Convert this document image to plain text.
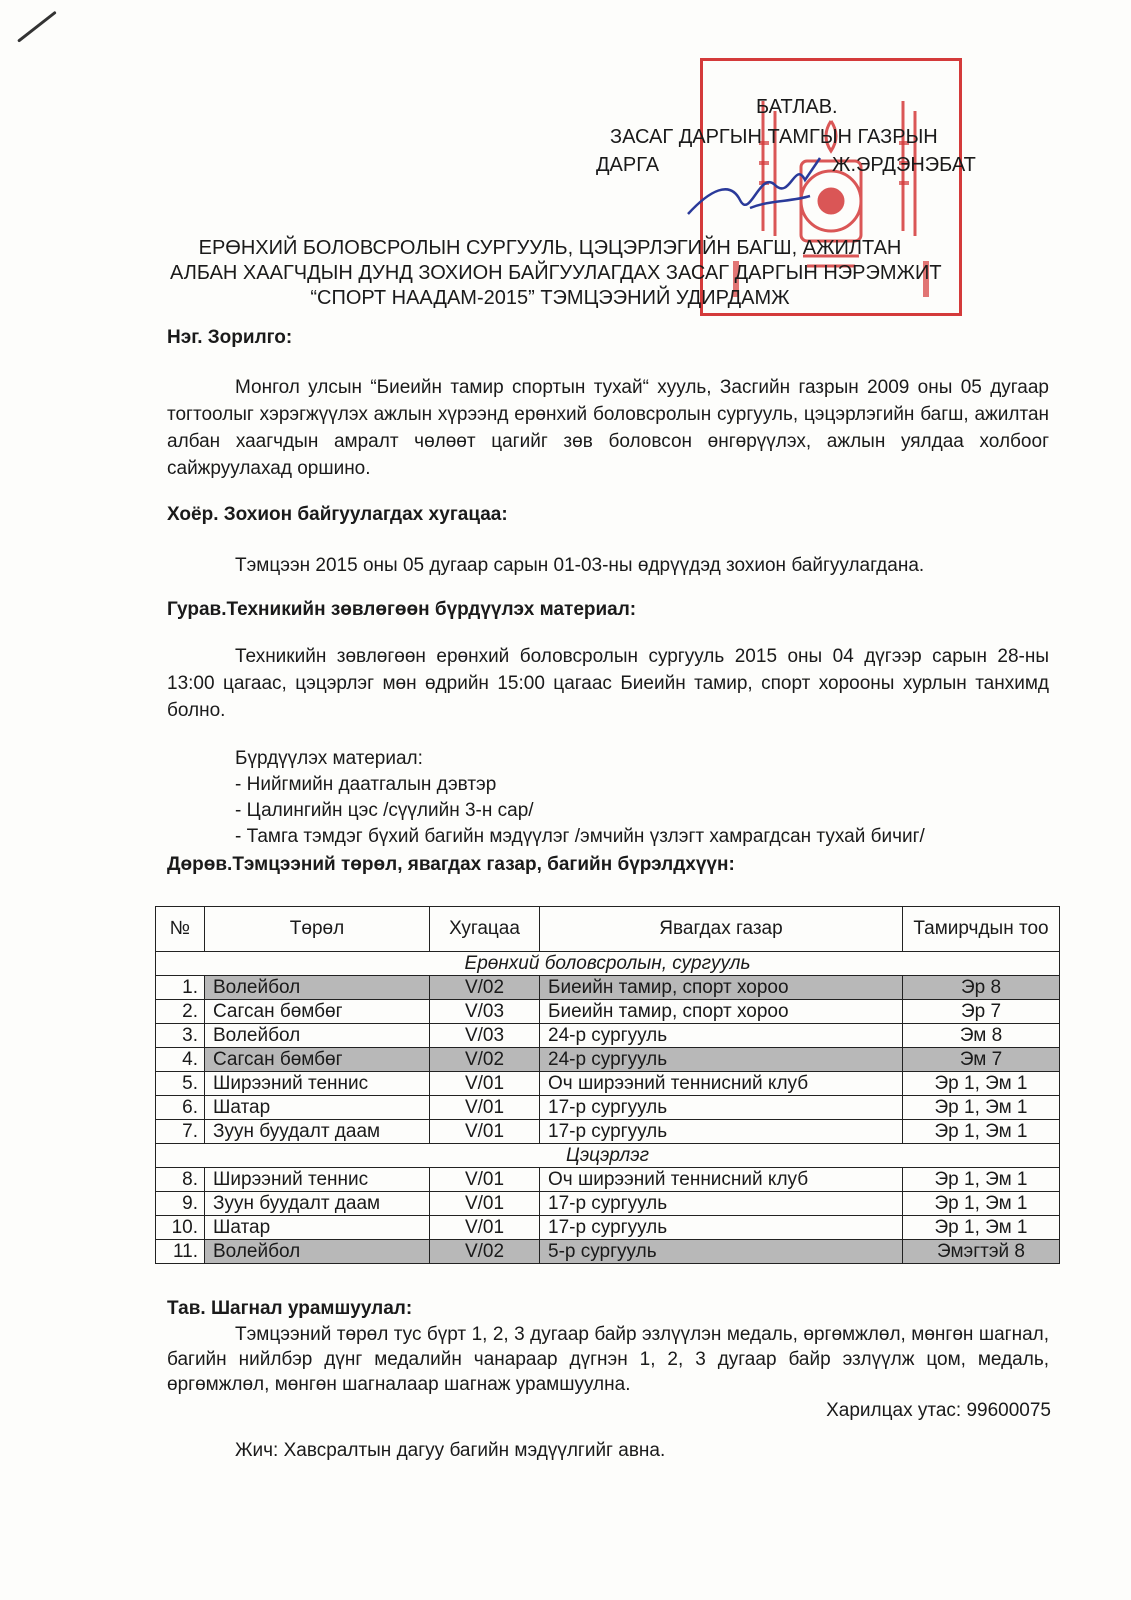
БАТЛАВ.
ЗАСАГ ДАРГЫН ТАМГЫН ГАЗРЫН
ДАРГА	Ж.ЭРДЭНЭБАТ
ЕРӨНХИЙ БОЛОВСРОЛЫН СУРГУУЛЬ, ЦЭЦЭРЛЭГИЙН БАГШ, АЖИЛТАН
АЛБАН ХААГЧДЫН ДУНД ЗОХИОН БАЙГУУЛАГДАХ ЗАСАГ ДАРГЫН НЭРЭМЖИТ
“СПОРТ НААДАМ-2015” ТЭМЦЭЭНИЙ УДИРДАМЖ
Нэг. Зорилго:
Монгол улсын “Биеийн тамир спортын тухай“ хууль, Засгийн газрын 2009 оны 05 дугаар тогтоолыг хэрэгжүүлэх ажлын хүрээнд ерөнхий боловсролын сургууль, цэцэрлэгийн багш, ажилтан албан хаагчдын амралт чөлөөт цагийг зөв боловсон өнгөрүүлэх, ажлын уялдаа холбоог сайжруулахад оршино.
Хоёр. Зохион байгуулагдах хугацаа:
Тэмцээн 2015 оны 05 дугаар сарын 01-03-ны өдрүүдэд зохион байгуулагдана.
Гурав.Техникийн зөвлөгөөн бүрдүүлэх материал:
Техникийн зөвлөгөөн ерөнхий боловсролын сургууль 2015 оны 04 дүгээр сарын 28-ны 13:00 цагаас, цэцэрлэг мөн өдрийн 15:00 цагаас Биеийн тамир, спорт хорооны хурлын танхимд болно.
Бүрдүүлэх материал:
- Нийгмийн даатгалын дэвтэр
- Цалингийн цэс /сүүлийн 3-н сар/
- Тамга тэмдэг бүхий багийн мэдүүлэг /эмчийн үзлэгт хамрагдсан тухай бичиг/
Дөрөв.Тэмцээний төрөл, явагдах газар, багийн бүрэлдхүүн:
№	Төрөл	Хугацаа	Явагдах газар	Тамирчдын тоо
Ерөнхий боловсролын, сургууль				
1.	Волейбол	V/02	Биеийн тамир, спорт хороо	Эр 8
2.	Сагсан бөмбөг	V/03	Биеийн тамир, спорт хороо	Эр 7
3.	Волейбол	V/03	24-р сургууль	Эм 8
4.	Сагсан бөмбөг	V/02	24-р сургууль	Эм 7
5.	Ширээний теннис	V/01	Оч ширээний теннисний клуб	Эр 1, Эм 1
6.	Шатар	V/01	17-р сургууль	Эр 1, Эм 1
7.	Зуун буудалт даам	V/01	17-р сургууль	Эр 1, Эм 1
Цэцэрлэг				
8.	Ширээний теннис	V/01	Оч ширээний теннисний клуб	Эр 1, Эм 1
9.	Зуун буудалт даам	V/01	17-р сургууль	Эр 1, Эм 1
10.	Шатар	V/01	17-р сургууль	Эр 1, Эм 1
11.	Волейбол	V/02	5-р сургууль	Эмэгтэй 8
Тав. Шагнал урамшуулал:
Тэмцээний төрөл тус бүрт 1, 2, 3 дугаар байр эзлүүлэн медаль, өргөмжлөл, мөнгөн шагнал, багийн нийлбэр дүнг медалийн чанараар дүгнэн 1, 2, 3 дугаар байр эзлүүлж цом, медаль, өргөмжлөл, мөнгөн шагналаар шагнаж урамшуулна.
Харилцах утас: 99600075
Жич: Хавсралтын дагуу багийн мэдүүлгийг авна.
